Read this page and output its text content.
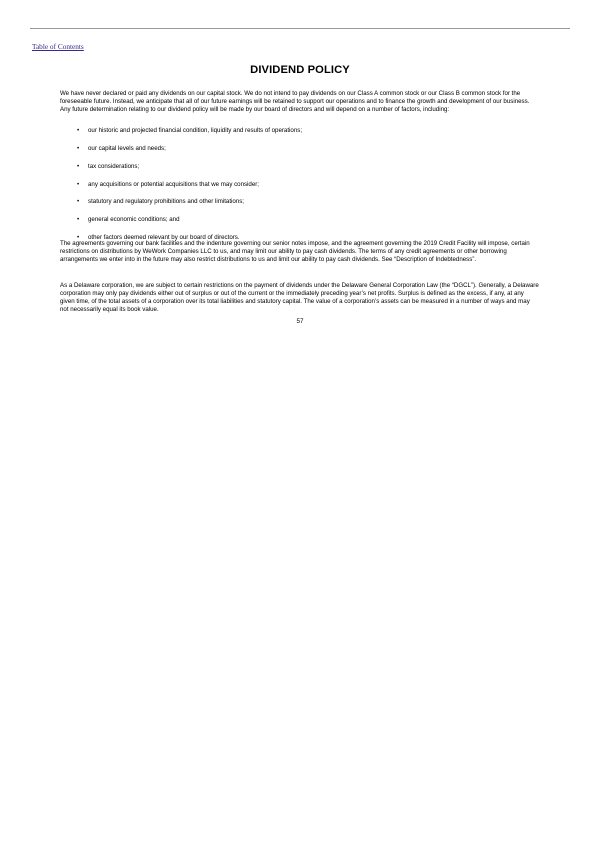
Table of Contents
DIVIDEND POLICY

We have never declared or paid any dividends on our capital stock. We do not intend to pay dividends on our Class A common stock or our Class B common stock for the foreseeable future. Instead, we anticipate that all of our future earnings will be retained to support our operations and to finance the growth and development of our business. Any future determination relating to our dividend policy will be made by our board of directors and will depend on a number of factors, including:

• our historic and projected financial condition, liquidity and results of operations;
• our capital levels and needs;
• tax considerations;
• any acquisitions or potential acquisitions that we may consider;
• statutory and regulatory prohibitions and other limitations;
• general economic conditions; and
• other factors deemed relevant by our board of directors.

The agreements governing our bank facilities and the indenture governing our senior notes impose, and the agreement governing the 2019 Credit Facility will impose, certain restrictions on distributions by WeWork Companies LLC to us, and may limit our ability to pay cash dividends. The terms of any credit agreements or other borrowing arrangements we enter into in the future may also restrict distributions to us and limit our ability to pay cash dividends. See “Description of Indebtedness”.

As a Delaware corporation, we are subject to certain restrictions on the payment of dividends under the Delaware General Corporation Law (the “DGCL”). Generally, a Delaware corporation may only pay dividends either out of surplus or out of the current or the immediately preceding year’s net profits. Surplus is defined as the excess, if any, at any given time, of the total assets of a corporation over its total liabilities and statutory capital. The value of a corporation’s assets can be measured in a number of ways and may not necessarily equal its book value.

57
